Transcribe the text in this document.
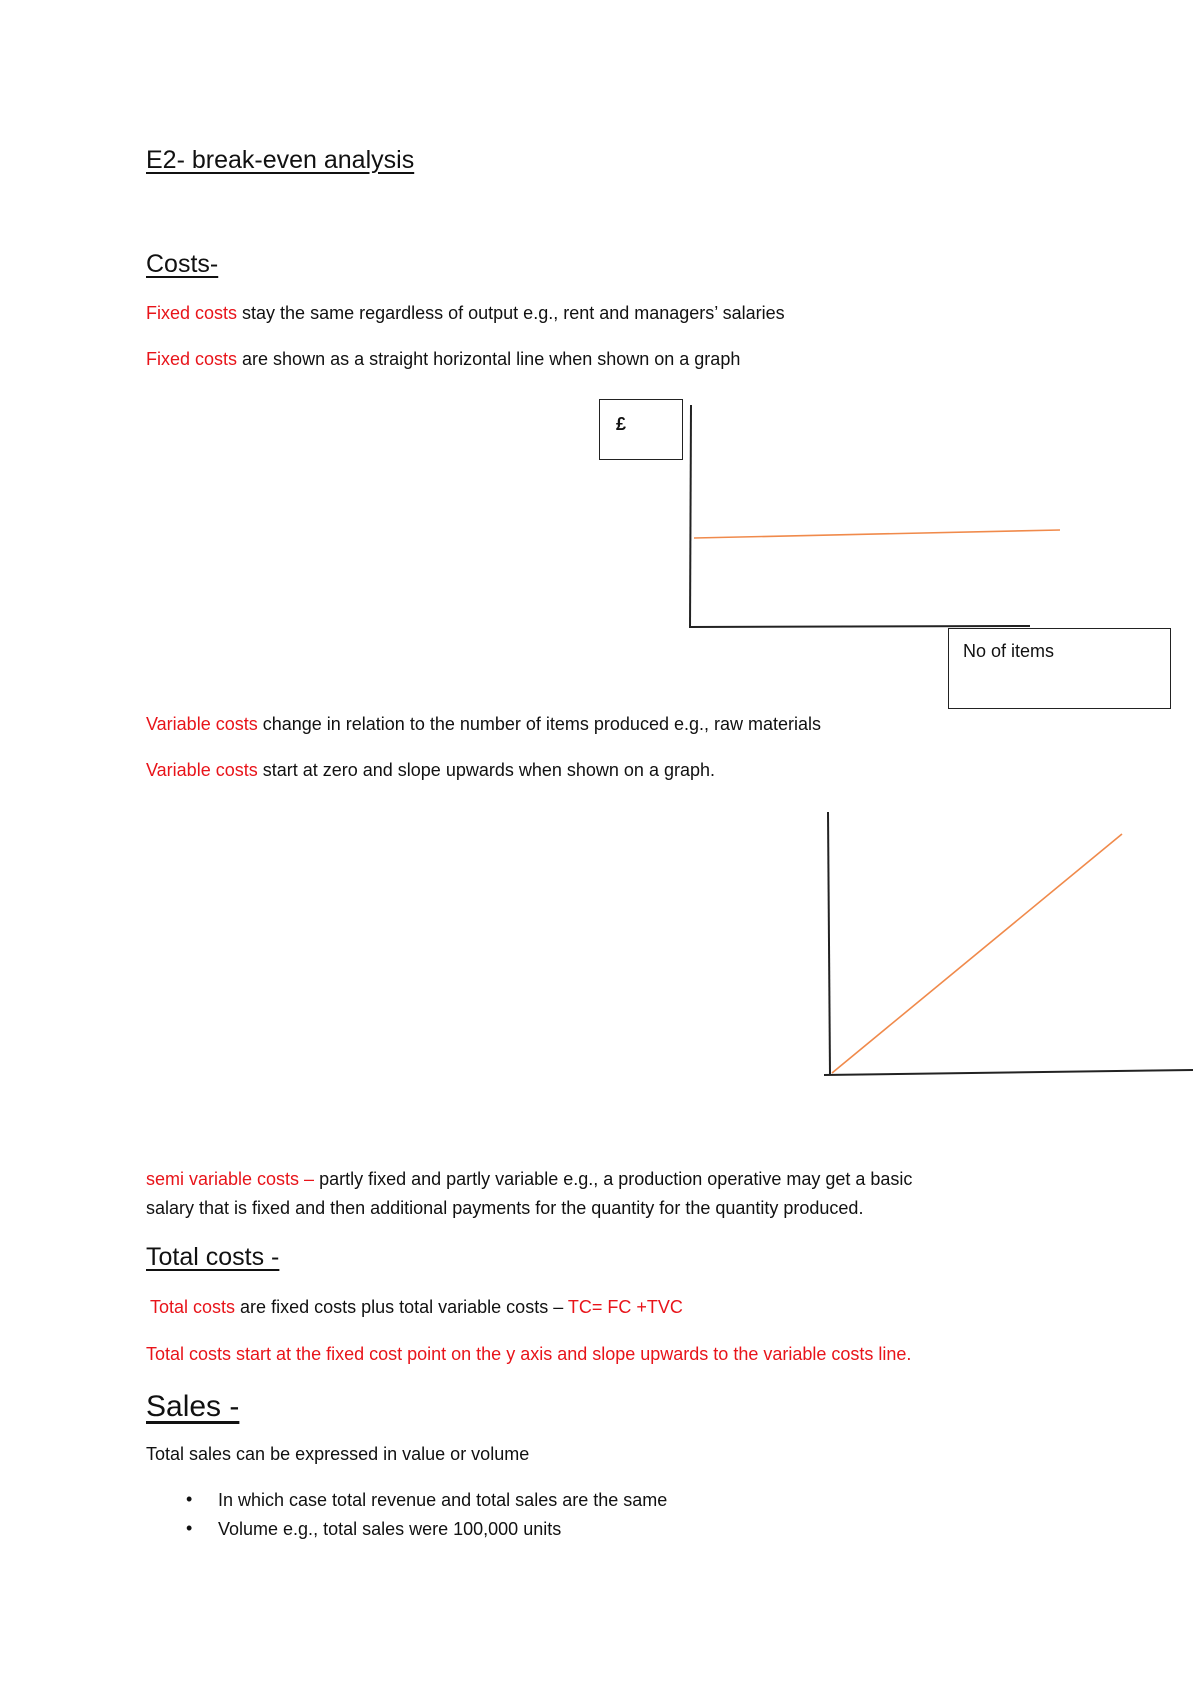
E2- break-even analysis
Costs-
Fixed costs stay the same regardless of output e.g., rent and managers’ salaries
Fixed costs are shown as a straight horizontal line when shown on a graph
£
No of items
Variable costs change in relation to the number of items produced e.g., raw materials
Variable costs start at zero and slope upwards when shown on a graph.
semi variable costs – partly fixed and partly variable e.g., a production operative may get a basic
salary that is fixed and then additional payments for the quantity for the quantity produced.
Total costs -
Total costs are fixed costs plus total variable costs – TC= FC +TVC
Total costs start at the fixed cost point on the y axis and slope upwards to the variable costs line.
Sales -
Total sales can be expressed in value or volume
• In which case total revenue and total sales are the same
• Volume e.g., total sales were 100,000 units
